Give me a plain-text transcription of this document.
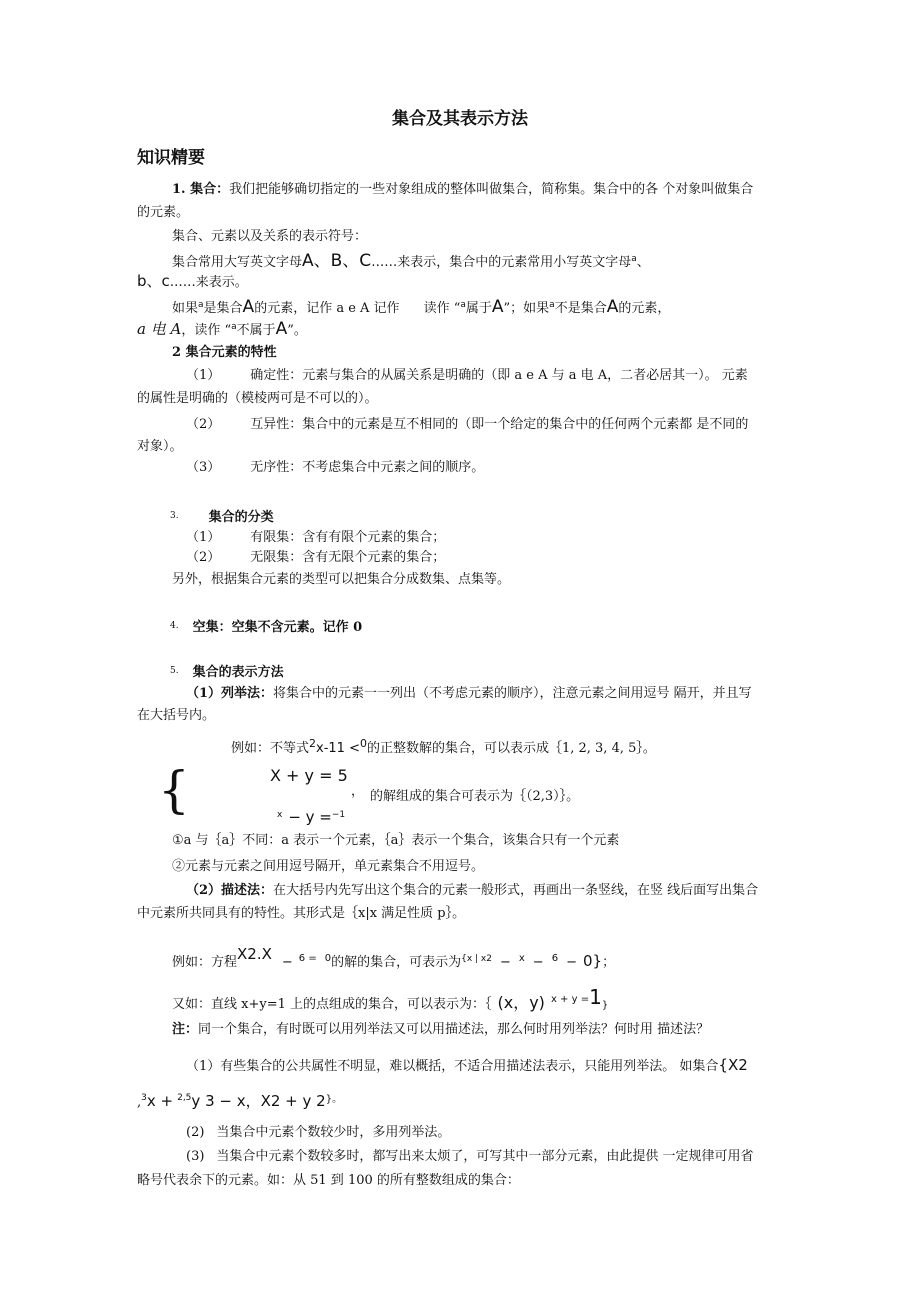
集合及其表示方法
知识精要
1. 集合：我们把能够确切指定的一些对象组成的整体叫做集合，简称集。集合中的各 个对象叫做集合
的元素。
集合、元素以及关系的表示符号：
集合常用大写英文字母A、B、C……来表示，集合中的元素常用小写英文字母$^a$、
b、c……来表示。
如果$^a$是集合A的元素，记作 a e A 记作 读作 “$^a$属于A”；如果$^a$不是集合A的元素，
a 电 A，读作 “$^a$不属于A”。
2 集合元素的特性
（1） 确定性：元素与集合的从属关系是明确的（即 a e A 与 a 电 A，二者必居其一）。 元素
的属性是明确的（模棱两可是不可以的）。
（2） 互异性：集合中的元素是互不相同的（即一个给定的集合中的任何两个元素都 是不同的
对象）。
（3） 无序性：不考虑集合中元素之间的顺序。
$^{3.}$ 集合的分类
（1） 有限集：含有有限个元素的集合；
（2） 无限集：含有无限个元素的集合；
另外，根据集合元素的类型可以把集合分成数集、点集等。
$^{4.}$ 空集：空集不含元素。记作 0
$^{5.}$ 集合的表示方法
（1）列举法：将集合中的元素一一列出（不考虑元素的顺序），注意元素之间用逗号 隔开，并且写
在大括号内。
例如：不等式$^2$x-11 <$^0$的正整数解的集合，可以表示成｛1, 2, 3, 4, 5｝。
{	X + y = 5
， 的解组成的集合可表示为｛（2,3）｝。
$^x$ − y =$^{-1}$
①a 与｛a｝不同：a 表示一个元素，｛a｝表示一个集合，该集合只有一个元素
②元素与元素之间用逗号隔开，单元素集合不用逗号。
（2）描述法：在大括号内先写出这个集合的元素一般形式，再画出一条竖线，在竖 线后面写出集合
中元素所共同具有的特性。其形式是｛x|x 满足性质 p｝。
例如：方程X2.X − $^{6 =}$ $^0$的解的集合，可表示为$^{\{x | x2}$ − $^x$ − $^6$ − 0}；
又如：直线 x+y=1 上的点组成的集合，可以表示为：｛ (x，y) $^{x + y =}$1}
注：同一个集合，有时既可以用列举法又可以用描述法，那么何时用列举法？何时用 描述法？
（1）有些集合的公共属性不明显，难以概括，不适合用描述法表示，只能用列举法。 如集合{X2
,$^3$x + $^{2,5}$y 3 − x，X2 + y 2}。
(2) 当集合中元素个数较少时，多用列举法。
(3) 当集合中元素个数较多时，都写出来太烦了，可写其中一部分元素，由此提供 一定规律可用省
略号代表余下的元素。如：从 51 到 100 的所有整数组成的集合：
